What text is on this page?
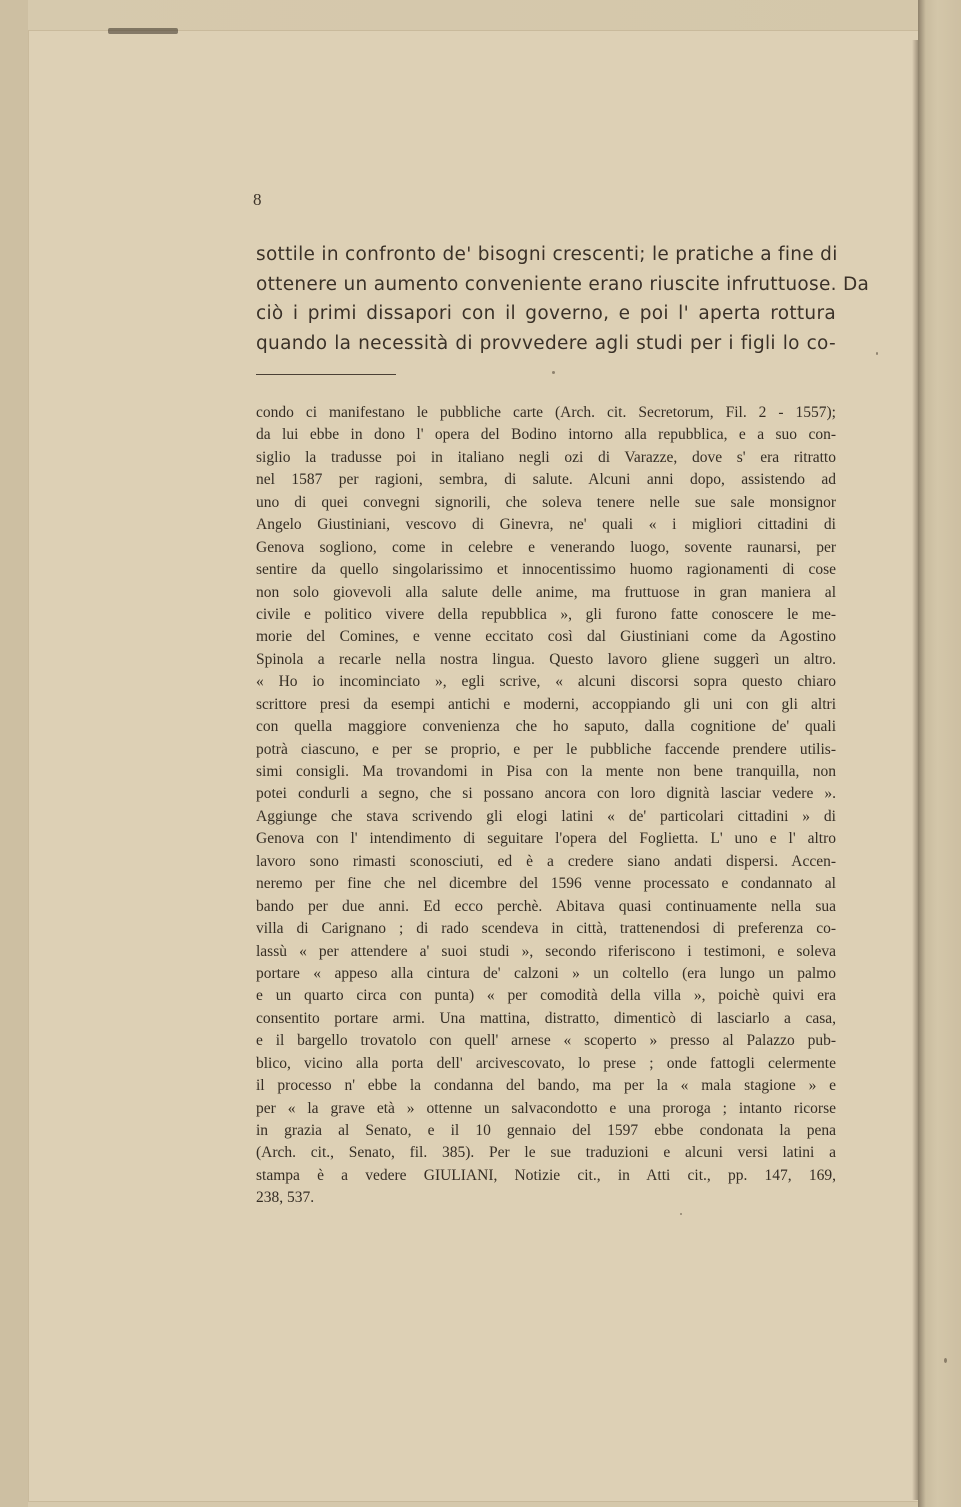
8
sottile in confronto de' bisogni crescenti; le pratiche a fine di
ottenere un aumento conveniente erano riuscite infruttuose. Da
ciò i primi dissapori con il governo, e poi l' aperta rottura
quando la necessità di provvedere agli studi per i figli lo co-
condo ci manifestano le pubbliche carte (Arch. cit. Secretorum, Fil. 2 - 1557);
da lui ebbe in dono l' opera del Bodino intorno alla repubblica, e a suo con-
siglio la tradusse poi in italiano negli ozi di Varazze, dove s' era ritratto
nel 1587 per ragioni, sembra, di salute. Alcuni anni dopo, assistendo ad
uno di quei convegni signorili, che soleva tenere nelle sue sale monsignor
Angelo Giustiniani, vescovo di Ginevra, ne' quali « i migliori cittadini di
Genova sogliono, come in celebre e venerando luogo, sovente raunarsi, per
sentire da quello singolarissimo et innocentissimo huomo ragionamenti di cose
non solo giovevoli alla salute delle anime, ma fruttuose in gran maniera al
civile e politico vivere della repubblica », gli furono fatte conoscere le me-
morie del Comines, e venne eccitato così dal Giustiniani come da Agostino
Spinola a recarle nella nostra lingua. Questo lavoro gliene suggerì un altro.
« Ho io incominciato », egli scrive, « alcuni discorsi sopra questo chiaro
scrittore presi da esempi antichi e moderni, accoppiando gli uni con gli altri
con quella maggiore convenienza che ho saputo, dalla cognitione de' quali
potrà ciascuno, e per se proprio, e per le pubbliche faccende prendere utilis-
simi consigli. Ma trovandomi in Pisa con la mente non bene tranquilla, non
potei condurli a segno, che si possano ancora con loro dignità lasciar vedere ».
Aggiunge che stava scrivendo gli elogi latini « de' particolari cittadini » di
Genova con l' intendimento di seguitare l'opera del Foglietta. L' uno e l' altro
lavoro sono rimasti sconosciuti, ed è a credere siano andati dispersi. Accen-
neremo per fine che nel dicembre del 1596 venne processato e condannato al
bando per due anni. Ed ecco perchè. Abitava quasi continuamente nella sua
villa di Carignano ; di rado scendeva in città, trattenendosi di preferenza co-
lassù « per attendere a' suoi studi », secondo riferiscono i testimoni, e soleva
portare « appeso alla cintura de' calzoni » un coltello (era lungo un palmo
e un quarto circa con punta) « per comodità della villa », poichè quivi era
consentito portare armi. Una mattina, distratto, dimenticò di lasciarlo a casa,
e il bargello trovatolo con quell' arnese « scoperto » presso al Palazzo pub-
blico, vicino alla porta dell' arcivescovato, lo prese ; onde fattogli celermente
il processo n' ebbe la condanna del bando, ma per la « mala stagione » e
per « la grave età » ottenne un salvacondotto e una proroga ; intanto ricorse
in grazia al Senato, e il 10 gennaio del 1597 ebbe condonata la pena
(Arch. cit., Senato, fil. 385). Per le sue traduzioni e alcuni versi latini a
stampa è a vedere GIULIANI, Notizie cit., in Atti cit., pp. 147, 169,
238, 537.
